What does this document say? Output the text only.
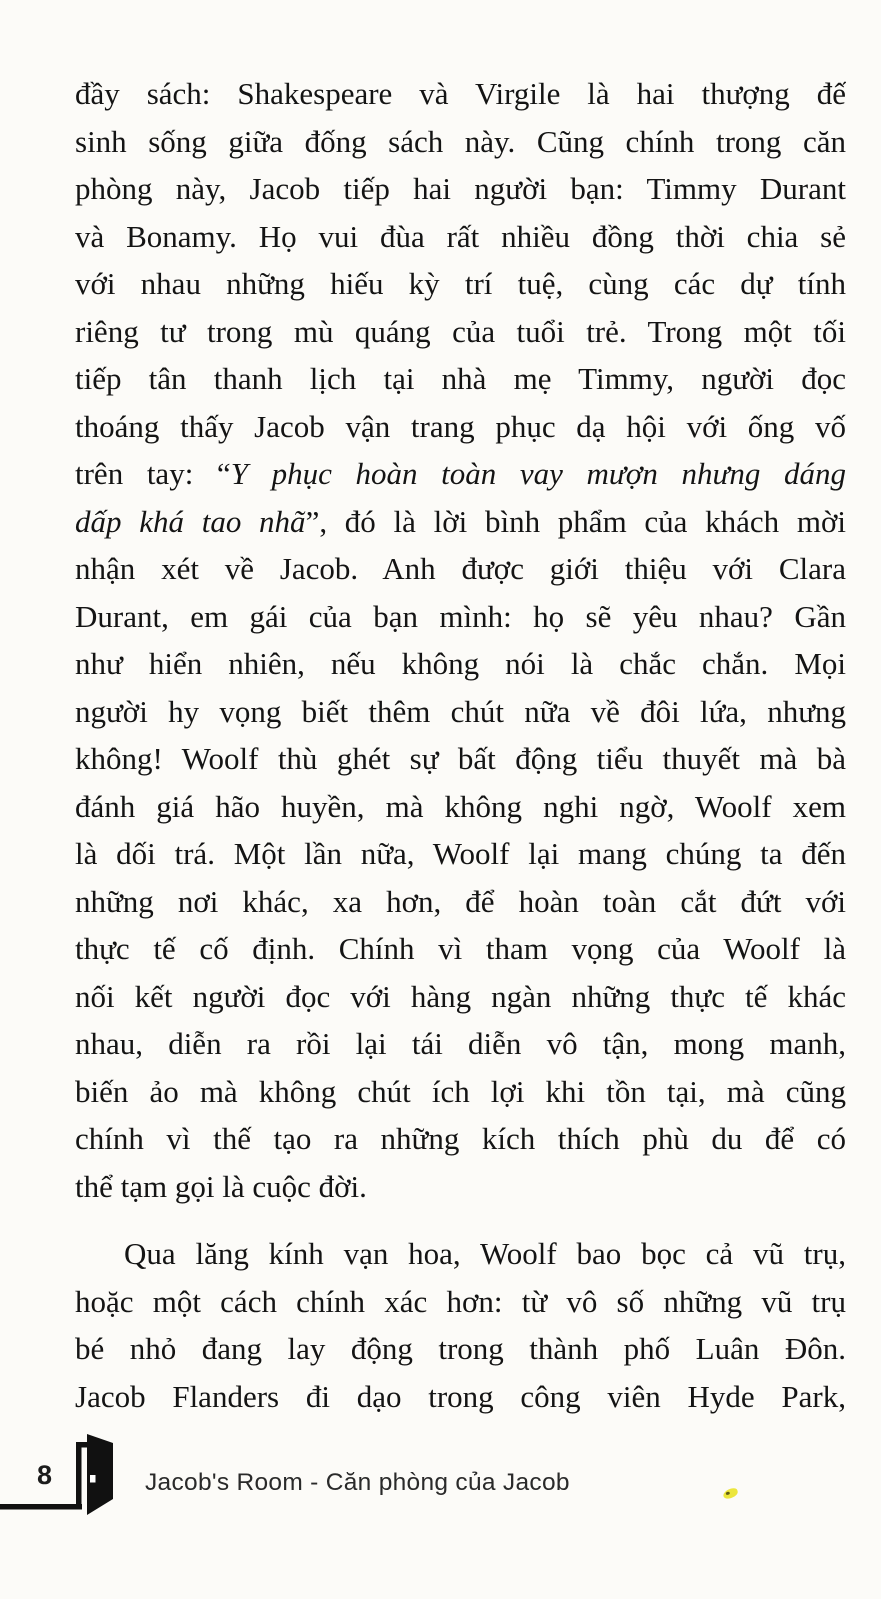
đầy sách: Shakespeare và Virgile là hai thượng đế
sinh sống giữa đống sách này. Cũng chính trong căn
phòng này, Jacob tiếp hai người bạn: Timmy Durant
và Bonamy. Họ vui đùa rất nhiều đồng thời chia sẻ
với nhau những hiếu kỳ trí tuệ, cùng các dự tính
riêng tư trong mù quáng của tuổi trẻ. Trong một tối
tiếp tân thanh lịch tại nhà mẹ Timmy, người đọc
thoáng thấy Jacob vận trang phục dạ hội với ống vố
trên tay: “Y phục hoàn toàn vay mượn nhưng dáng
dấp khá tao nhã”, đó là lời bình phẩm của khách mời
nhận xét về Jacob. Anh được giới thiệu với Clara
Durant, em gái của bạn mình: họ sẽ yêu nhau? Gần
như hiển nhiên, nếu không nói là chắc chắn. Mọi
người hy vọng biết thêm chút nữa về đôi lứa, nhưng
không! Woolf thù ghét sự bất động tiểu thuyết mà bà
đánh giá hão huyền, mà không nghi ngờ, Woolf xem
là dối trá. Một lần nữa, Woolf lại mang chúng ta đến
những nơi khác, xa hơn, để hoàn toàn cắt đứt với
thực tế cố định. Chính vì tham vọng của Woolf là
nối kết người đọc với hàng ngàn những thực tế khác
nhau, diễn ra rồi lại tái diễn vô tận, mong manh,
biến ảo mà không chút ích lợi khi tồn tại, mà cũng
chính vì thế tạo ra những kích thích phù du để có
thể tạm gọi là cuộc đời.
Qua lăng kính vạn hoa, Woolf bao bọc cả vũ trụ,
hoặc một cách chính xác hơn: từ vô số những vũ trụ
bé nhỏ đang lay động trong thành phố Luân Đôn.
Jacob Flanders đi dạo trong công viên Hyde Park,
8	Jacob's Room - Căn phòng của Jacob
